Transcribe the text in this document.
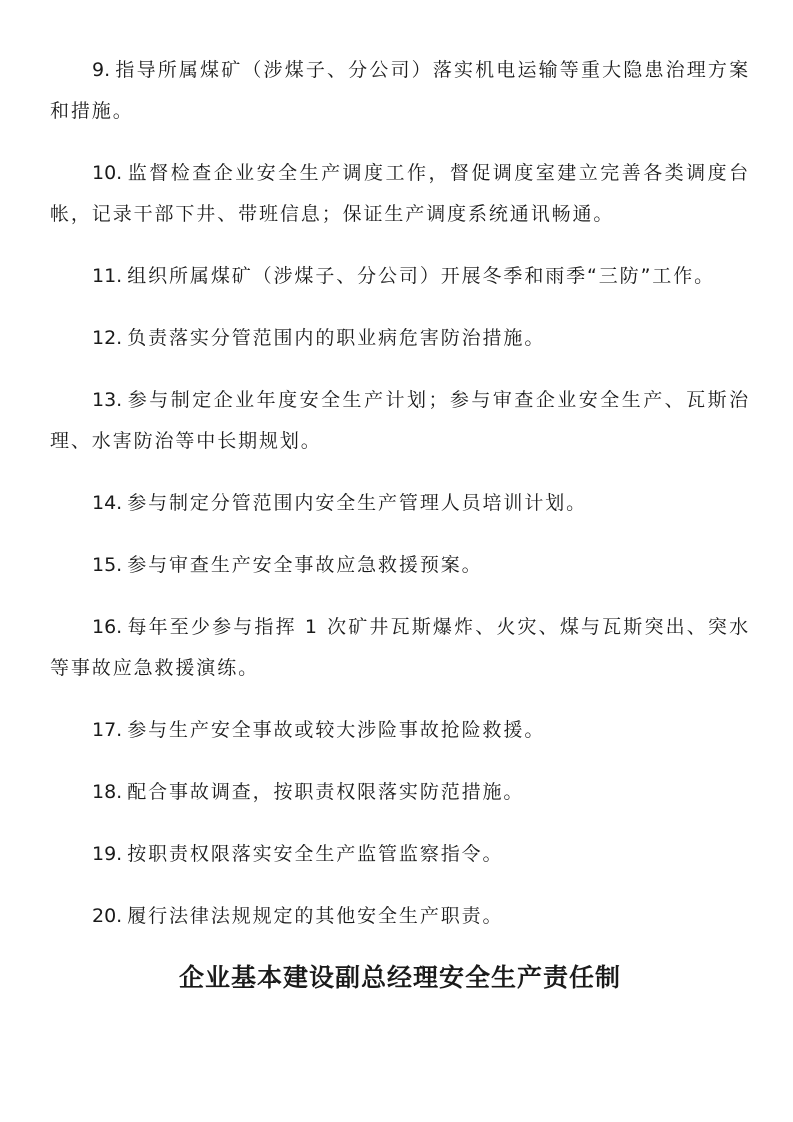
9. 指导所属煤矿（涉煤子、分公司）落实机电运输等重大隐患治理方案和措施。

10. 监督检查企业安全生产调度工作，督促调度室建立完善各类调度台帐，记录干部下井、带班信息；保证生产调度系统通讯畅通。

11. 组织所属煤矿（涉煤子、分公司）开展冬季和雨季“三防”工作。

12. 负责落实分管范围内的职业病危害防治措施。

13. 参与制定企业年度安全生产计划；参与审查企业安全生产、瓦斯治理、水害防治等中长期规划。

14. 参与制定分管范围内安全生产管理人员培训计划。

15. 参与审查生产安全事故应急救援预案。

16. 每年至少参与指挥 1 次矿井瓦斯爆炸、火灾、煤与瓦斯突出、突水等事故应急救援演练。

17. 参与生产安全事故或较大涉险事故抢险救援。

18. 配合事故调查，按职责权限落实防范措施。

19. 按职责权限落实安全生产监管监察指令。

20. 履行法律法规规定的其他安全生产职责。

企业基本建设副总经理安全生产责任制
